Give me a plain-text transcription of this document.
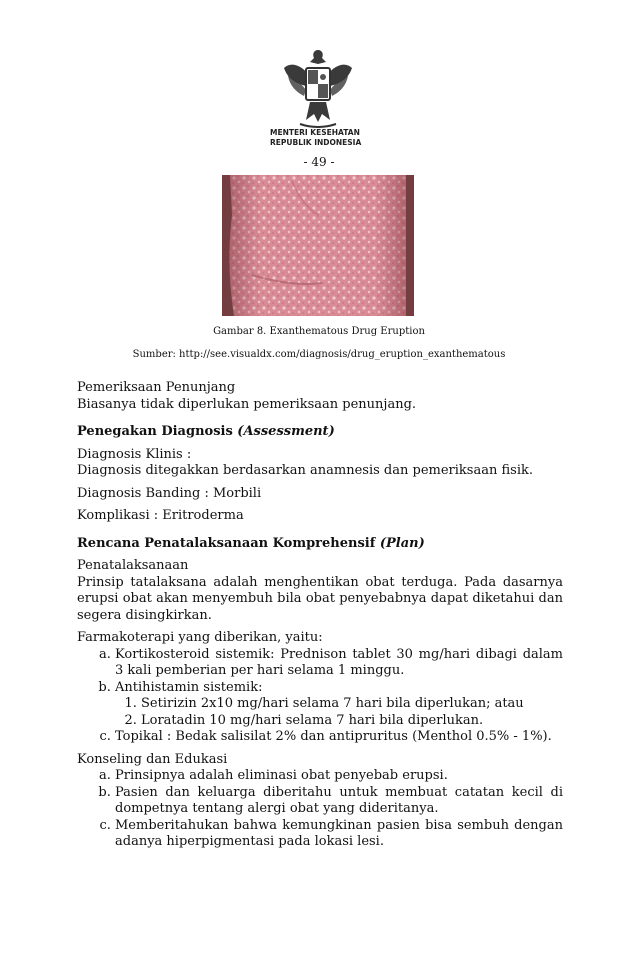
MENTERI KESEHATAN
REPUBLIK INDONESIA
- 49 -
Gambar 8. Exanthematous Drug Eruption
Sumber: http://see.visualdx.com/diagnosis/drug_eruption_exanthematous

Pemeriksaan Penunjang

Biasanya tidak diperlukan pemeriksaan penunjang.

Penegakan Diagnosis (Assessment)

Diagnosis Klinis :

Diagnosis ditegakkan berdasarkan anamnesis dan pemeriksaan fisik.

Diagnosis Banding : Morbili

Komplikasi : Eritroderma

Rencana Penatalaksanaan Komprehensif (Plan)

Penatalaksanaan

Prinsip tatalaksana adalah menghentikan obat terduga. Pada dasarnya erupsi obat akan menyembuh bila obat penyebabnya dapat diketahui dan segera disingkirkan.

Farmakoterapi yang diberikan, yaitu:

a. Kortikosteroid sistemik: Prednison tablet 30 mg/hari dibagi dalam 3 kali pemberian per hari selama 1 minggu.
b. Antihistamin sistemik:
1. Setirizin 2x10 mg/hari selama 7 hari bila diperlukan; atau
2. Loratadin 10 mg/hari selama 7 hari bila diperlukan.
c. Topikal : Bedak salisilat 2% dan antipruritus (Menthol 0.5% - 1%).

Konseling dan Edukasi

a. Prinsipnya adalah eliminasi obat penyebab erupsi.
b. Pasien dan keluarga diberitahu untuk membuat catatan kecil di dompetnya tentang alergi obat yang dideritanya.
c. Memberitahukan bahwa kemungkinan pasien bisa sembuh dengan adanya hiperpigmentasi pada lokasi lesi.
